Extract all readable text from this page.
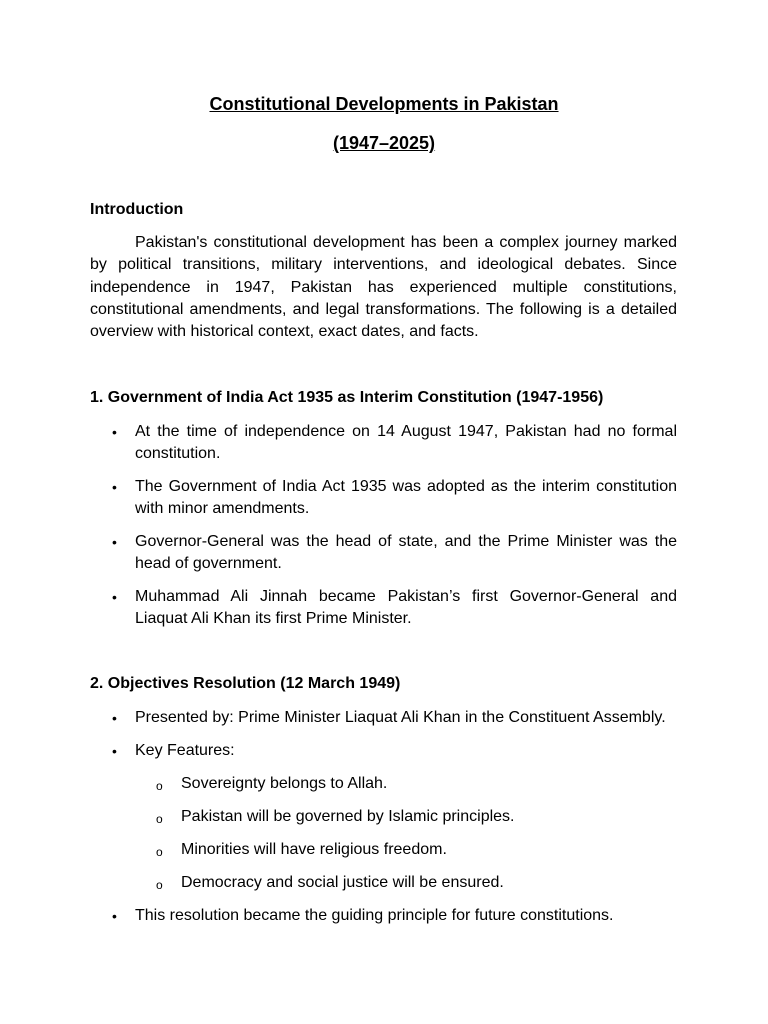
Constitutional Developments in Pakistan

(1947–2025)

Introduction

Pakistan's constitutional development has been a complex journey marked by political transitions, military interventions, and ideological debates. Since independence in 1947, Pakistan has experienced multiple constitutions, constitutional amendments, and legal transformations. The following is a detailed overview with historical context, exact dates, and facts.

1. Government of India Act 1935 as Interim Constitution (1947-1956)

• At the time of independence on 14 August 1947, Pakistan had no formal constitution.
• The Government of India Act 1935 was adopted as the interim constitution with minor amendments.
• Governor-General was the head of state, and the Prime Minister was the head of government.
• Muhammad Ali Jinnah became Pakistan’s first Governor-General and Liaquat Ali Khan its first Prime Minister.

2. Objectives Resolution (12 March 1949)

• Presented by: Prime Minister Liaquat Ali Khan in the Constituent Assembly.
• Key Features:
o Sovereignty belongs to Allah.
o Pakistan will be governed by Islamic principles.
o Minorities will have religious freedom.
o Democracy and social justice will be ensured.
• This resolution became the guiding principle for future constitutions.
